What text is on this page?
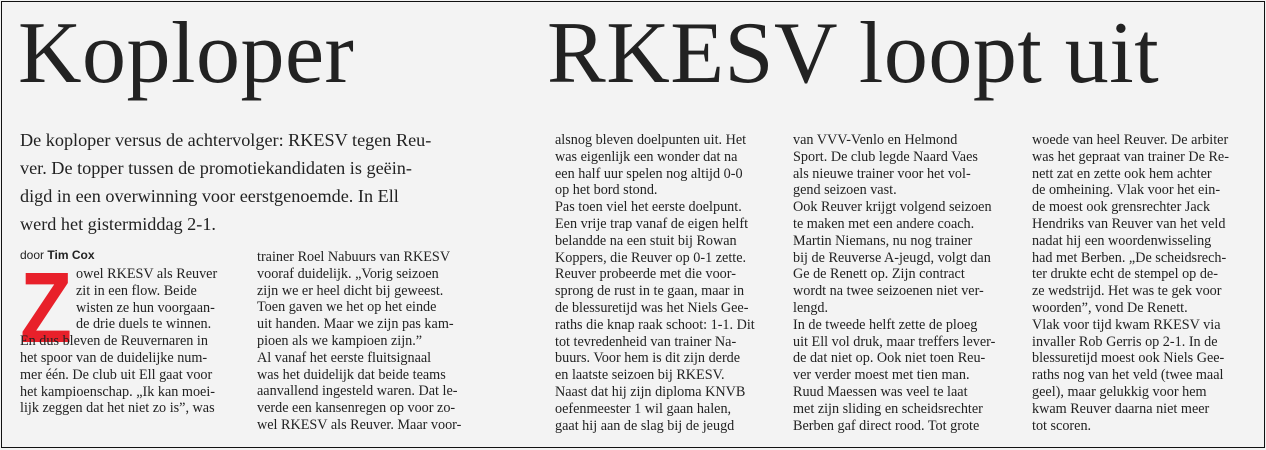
Koploper RKESV loopt uit
De koploper versus de achtervolger: RKESV tegen Reu-
ver. De topper tussen de promotiekandidaten is geëin-
digd in een overwinning voor eerstgenoemde. In Ell
werd het gistermiddag 2-1.
door Tim Cox
Z owel RKESV als Reuver
zit in een flow. Beide
wisten ze hun voorgaan-
de drie duels te winnen.
En dus bleven de Reuvernaren in
het spoor van de duidelijke num-
mer één. De club uit Ell gaat voor
het kampioenschap. „Ik kan moei-
lijk zeggen dat het niet zo is”, was
trainer Roel Nabuurs van RKESV
vooraf duidelijk. „Vorig seizoen
zijn we er heel dicht bij geweest.
Toen gaven we het op het einde
uit handen. Maar we zijn pas kam-
pioen als we kampioen zijn.”
Al vanaf het eerste fluitsignaal
was het duidelijk dat beide teams
aanvallend ingesteld waren. Dat le-
verde een kansenregen op voor zo-
wel RKESV als Reuver. Maar voor-
alsnog bleven doelpunten uit. Het
was eigenlijk een wonder dat na
een half uur spelen nog altijd 0-0
op het bord stond.
Pas toen viel het eerste doelpunt.
Een vrije trap vanaf de eigen helft
belandde na een stuit bij Rowan
Koppers, die Reuver op 0-1 zette.
Reuver probeerde met die voor-
sprong de rust in te gaan, maar in
de blessuretijd was het Niels Gee-
raths die knap raak schoot: 1-1. Dit
tot tevredenheid van trainer Na-
buurs. Voor hem is dit zijn derde
en laatste seizoen bij RKESV.
Naast dat hij zijn diploma KNVB
oefenmeester 1 wil gaan halen,
gaat hij aan de slag bij de jeugd
van VVV-Venlo en Helmond
Sport. De club legde Naard Vaes
als nieuwe trainer voor het vol-
gend seizoen vast.
Ook Reuver krijgt volgend seizoen
te maken met een andere coach.
Martin Niemans, nu nog trainer
bij de Reuverse A-jeugd, volgt dan
Ge de Renett op. Zijn contract
wordt na twee seizoenen niet ver-
lengd.
In de tweede helft zette de ploeg
uit Ell vol druk, maar treffers lever-
de dat niet op. Ook niet toen Reu-
ver verder moest met tien man.
Ruud Maessen was veel te laat
met zijn sliding en scheidsrechter
Berben gaf direct rood. Tot grote
woede van heel Reuver. De arbiter
was het gepraat van trainer De Re-
nett zat en zette ook hem achter
de omheining. Vlak voor het ein-
de moest ook grensrechter Jack
Hendriks van Reuver van het veld
nadat hij een woordenwisseling
had met Berben. „De scheidsrech-
ter drukte echt de stempel op de-
ze wedstrijd. Het was te gek voor
woorden”, vond De Renett.
Vlak voor tijd kwam RKESV via
invaller Rob Gerris op 2-1. In de
blessuretijd moest ook Niels Gee-
raths nog van het veld (twee maal
geel), maar gelukkig voor hem
kwam Reuver daarna niet meer
tot scoren.
